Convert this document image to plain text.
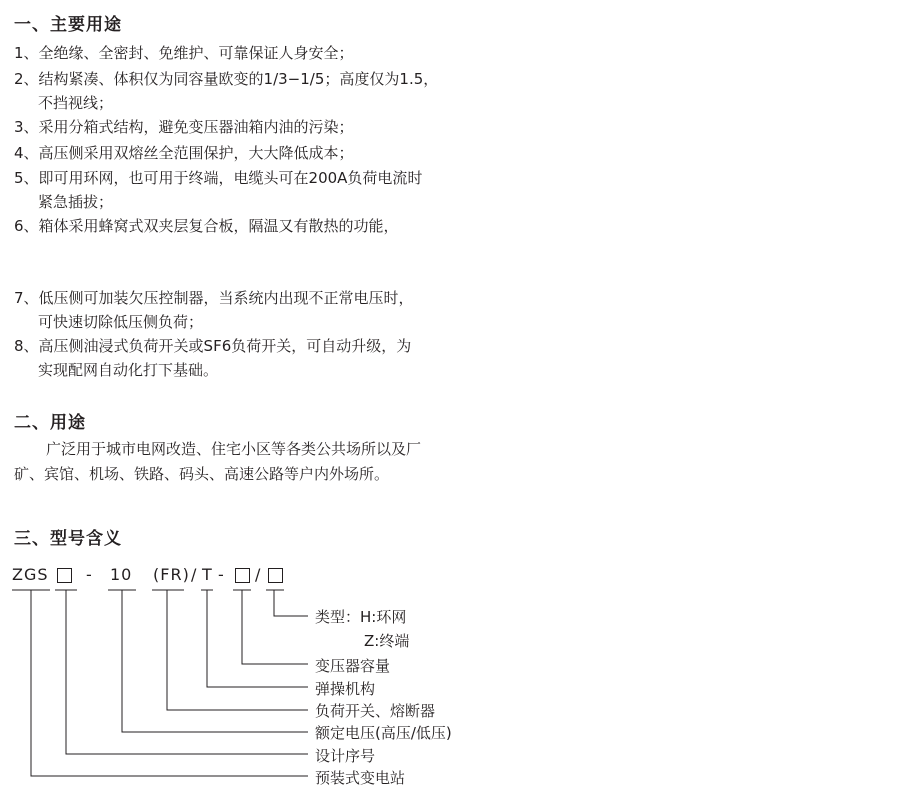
一、主要用途
1、全绝缘、全密封、免维护、可靠保证人身安全；
2、结构紧凑、体积仅为同容量欧变的1/3−1/5；高度仅为1.5，
不挡视线；
3、采用分箱式结构，避免变压器油箱内油的污染；
4、高压侧采用双熔丝全范围保护，大大降低成本；
5、即可用环网，也可用于终端，电缆头可在200A负荷电流时
紧急插拔；
6、箱体采用蜂窝式双夹层复合板，隔温又有散热的功能，
7、低压侧可加装欠压控制器，当系统内出现不正常电压时，
可快速切除低压侧负荷；
8、高压侧油浸式负荷开关或SF6负荷开关，可自动升级，为
实现配网自动化打下基础。
二、用途
广泛用于城市电网改造、住宅小区等各类公共场所以及厂
矿、宾馆、机场、铁路、码头、高速公路等户内外场所。
三、型号含义
ZGS - 10 (FR) / T - /
类型：H:环网
Z:终端
变压器容量
弹操机构
负荷开关、熔断器
额定电压(高压/低压)
设计序号
预装式变电站
